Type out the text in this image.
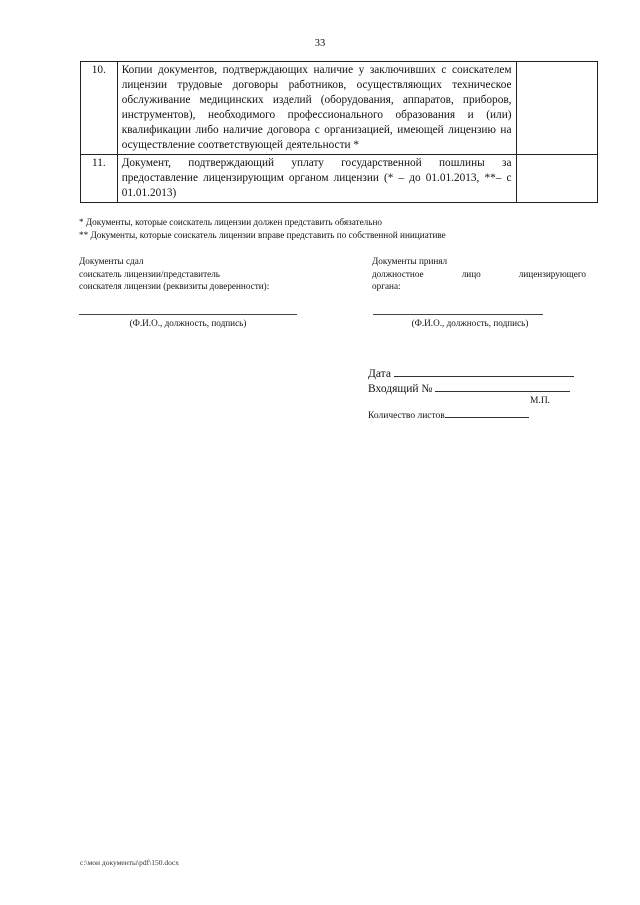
33
10.	Копии документов, подтверждающих наличие у заключивших с соискателем лицензии трудовые договоры работников, осуществляющих техническое обслуживание медицинских изделий (оборудования, аппаратов, приборов, инструментов), необходимого профессионального образования и (или) квалификации либо наличие договора с организацией, имеющей лицензию на осуществление соответствующей деятельности *	
11.	Документ, подтверждающий уплату государственной пошлины за предоставление лицензирующим органом лицензии (* – до 01.01.2013, **– с 01.01.2013)	
* Документы, которые соискатель лицензии должен представить обязательно
** Документы, которые соискатель лицензии вправе представить по собственной инициативе
Документы сдал
соискатель лицензии/представитель
соискателя лицензии (реквизиты доверенности):
Документы принял
должностное	лицо	лицензирующего
органа:
(Ф.И.О., должность, подпись)	(Ф.И.О., должность, подпись)
Дата
Входящий №
М.П.
Количество листов
c:\мои документы\pdf\150.docx
